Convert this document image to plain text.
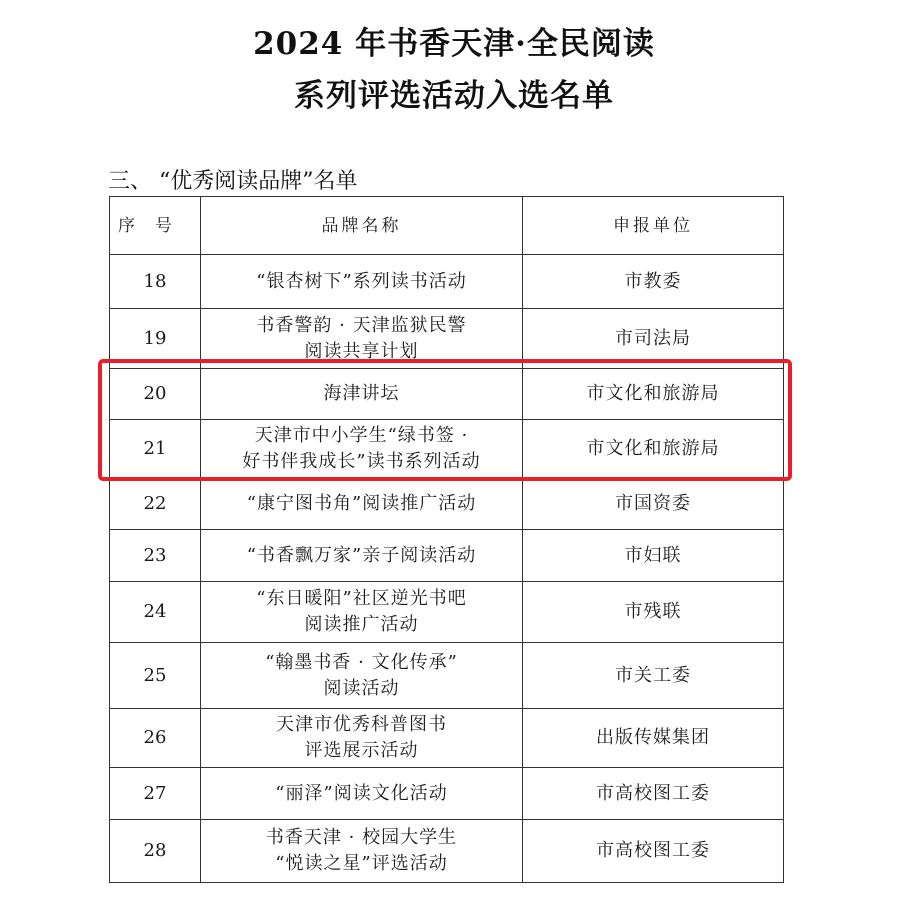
2024 年书香天津·全民阅读
系列评选活动入选名单
三、 “优秀阅读品牌”名单
序号	品牌名称	申报单位
18	“银杏树下”系列读书活动	市教委
19	书香警韵 · 天津监狱民警
阅读共享计划	市司法局
20	海津讲坛	市文化和旅游局
21	天津市中小学生“绿书签 ·
好书伴我成长”读书系列活动	市文化和旅游局
22	“康宁图书角”阅读推广活动	市国资委
23	“书香飘万家”亲子阅读活动	市妇联
24	“东日暖阳”社区逆光书吧
阅读推广活动	市残联
25	“翰墨书香 · 文化传承”
阅读活动	市关工委
26	天津市优秀科普图书
评选展示活动	出版传媒集团
27	“丽泽”阅读文化活动	市高校图工委
28	书香天津 · 校园大学生
“悦读之星”评选活动	市高校图工委
